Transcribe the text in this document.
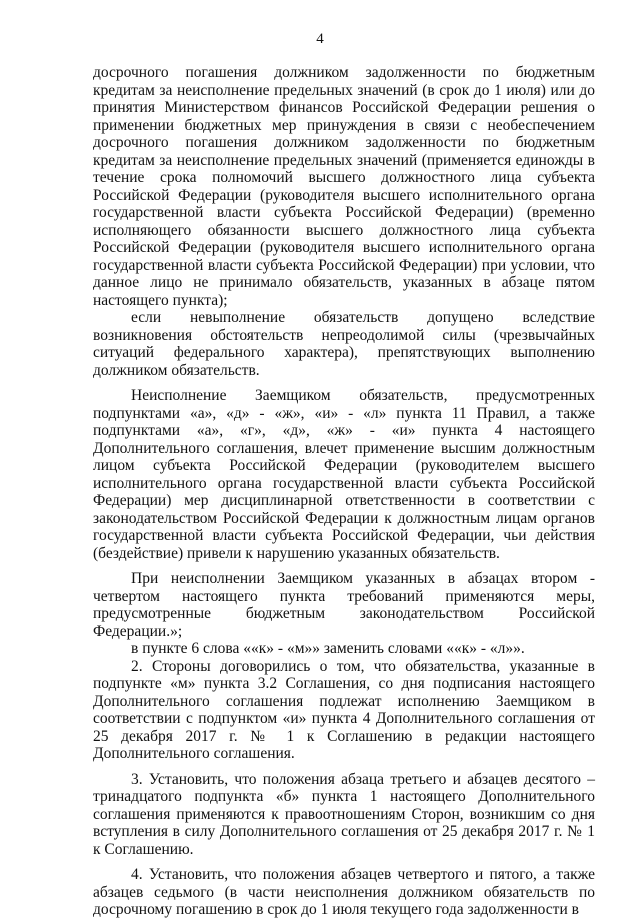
4

досрочного погашения должником задолженности по бюджетным кредитам за неисполнение предельных значений (в срок до 1 июля) или до принятия Министерством финансов Российской Федерации решения о применении бюджетных мер принуждения в связи с необеспечением досрочного погашения должником задолженности по бюджетным кредитам за неисполнение предельных значений (применяется единожды в течение срока полномочий высшего должностного лица субъекта Российской Федерации (руководителя высшего исполнительного органа государственной власти субъекта Российской Федерации) (временно исполняющего обязанности высшего должностного лица субъекта Российской Федерации (руководителя высшего исполнительного органа государственной власти субъекта Российской Федерации) при условии, что данное лицо не принимало обязательств, указанных в абзаце пятом настоящего пункта);

если невыполнение обязательств допущено вследствие возникновения обстоятельств непреодолимой силы (чрезвычайных ситуаций федерального характера), препятствующих выполнению должником обязательств.

Неисполнение Заемщиком обязательств, предусмотренных подпунктами «а», «д» - «ж», «и» - «л» пункта 11 Правил, а также подпунктами «а», «г», «д», «ж» - «и» пункта 4 настоящего Дополнительного соглашения, влечет применение высшим должностным лицом субъекта Российской Федерации (руководителем высшего исполнительного органа государственной власти субъекта Российской Федерации) мер дисциплинарной ответственности в соответствии с законодательством Российской Федерации к должностным лицам органов государственной власти субъекта Российской Федерации, чьи действия (бездействие) привели к нарушению указанных обязательств.

При неисполнении Заемщиком указанных в абзацах втором - четвертом настоящего пункта требований применяются меры, предусмотренные бюджетным законодательством Российской Федерации.»;

в пункте 6 слова ««к» - «м»» заменить словами ««к» - «л»».

2. Стороны договорились о том, что обязательства, указанные в подпункте «м» пункта 3.2 Соглашения, со дня подписания настоящего Дополнительного соглашения подлежат исполнению Заемщиком в соответствии с подпунктом «и» пункта 4 Дополнительного соглашения от 25 декабря 2017 г. № 1 к Соглашению в редакции настоящего Дополнительного соглашения.

3. Установить, что положения абзаца третьего и абзацев десятого – тринадцатого подпункта «б» пункта 1 настоящего Дополнительного соглашения применяются к правоотношениям Сторон, возникшим со дня вступления в силу Дополнительного соглашения от 25 декабря 2017 г. № 1 к Соглашению.

4. Установить, что положения абзацев четвертого и пятого, а также абзацев седьмого (в части неисполнения должником обязательств по досрочному погашению в срок до 1 июля текущего года задолженности в
